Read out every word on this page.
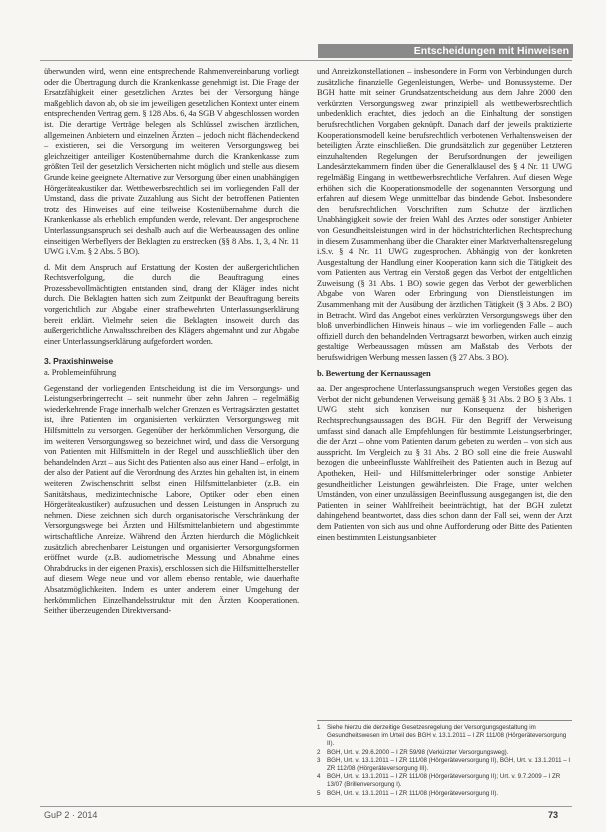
Entscheidungen mit Hinweisen

überwunden wird, wenn eine entsprechende Rahmenvereinbarung vorliegt oder die Übertragung durch die Krankenkasse genehmigt ist. Die Frage der Ersatzfähigkeit einer gesetzlichen Arztes bei der Versorgung hänge maßgeblich davon ab, ob sie im jeweiligen gesetzlichen Kontext unter einem entsprechenden Vertrag gem. § 128 Abs. 6, 4a SGB V abgeschlossen worden ist. Die derartige Verträge belegen als Schlüssel zwischen ärztlichen, allgemeinen Anbietern und einzelnen Ärzten – jedoch nicht flächendeckend – existieren, sei die Versorgung im weiteren Versorgungsweg bei gleichzeitiger anteiliger Kostenübernahme durch die Krankenkasse zum größten Teil der gesetzlich Versicherten nicht möglich und stelle aus diesem Grunde keine geeignete Alternative zur Versorgung über einen unabhängigen Hörgeräteakustiker dar. Wettbewerbsrechtlich sei im vorliegenden Fall der Umstand, dass die private Zuzahlung aus Sicht der betroffenen Patienten trotz des Hinweises auf eine teilweise Kostenübernahme durch die Krankenkasse als erheblich empfunden werde, relevant. Der angesprochene Unterlassungsanspruch sei deshalb auch auf die Werbeaussagen des online einseitigen Werbeflyers der Beklagten zu erstrecken (§§ 8 Abs. 1, 3, 4 Nr. 11 UWG i.V.m. § 2 Abs. 5 BO).

d. Mit dem Anspruch auf Erstattung der Kosten der außergerichtlichen Rechtsverfolgung, die durch die Beauftragung eines Prozessbevollmächtigten entstanden sind, drang der Kläger indes nicht durch. Die Beklagten hatten sich zum Zeitpunkt der Beauftragung bereits vorgerichtlich zur Abgabe einer strafbewehrten Unterlassungserklärung bereit erklärt. Vielmehr seien die Beklagten insoweit durch das außergerichtliche Anwaltsschreiben des Klägers abgemahnt und zur Abgabe einer Unterlassungserklärung aufgefordert worden.

3. Praxishinweise

a. Problemeinführung

Gegenstand der vorliegenden Entscheidung ist die im Versorgungs- und Leistungserbringerrecht – seit nunmehr über zehn Jahren – regelmäßig wiederkehrende Frage innerhalb welcher Grenzen es Vertragsärzten gestattet ist, ihre Patienten im organisierten verkürzten Versorgungsweg mit Hilfsmitteln zu versorgen. Gegenüber der herkömmlichen Versorgung, die im weiteren Versorgungsweg so bezeichnet wird, und dass die Versorgung von Patienten mit Hilfsmitteln in der Regel und ausschließlich über den behandelnden Arzt – aus Sicht des Patienten also aus einer Hand – erfolgt, in der also der Patient auf die Verordnung des Arztes hin gehalten ist, in einem weiteren Zwischenschritt selbst einen Hilfsmittelanbieter (z.B. ein Sanitätshaus, medizintechnische Labore, Optiker oder eben einen Hörgeräteakustiker) aufzusuchen und dessen Leistungen in Anspruch zu nehmen. Diese zeichnen sich durch organisatorische Verschränkung der Versorgungswege bei Ärzten und Hilfsmittelanbietern und abgestimmte wirtschaftliche Anreize. Während den Ärzten hierdurch die Möglichkeit zusätzlich abrechenbarer Leistungen und organisierter Versorgungsformen eröffnet wurde (z.B. audiometrische Messung und Abnahme eines Ohrabdrucks in der eigenen Praxis), erschlossen sich die Hilfsmittelhersteller auf diesem Wege neue und vor allem ebenso rentable, wie dauerhafte Absatzmöglichkeiten. Indem es unter anderem einer Umgehung der herkömmlichen Einzelhandelsstruktur mit den Ärzten Kooperationen. Seither überzeugenden Direktversand-

und Anreizkonstellationen – insbesondere in Form von Verbindungen durch zusätzliche finanzielle Gegenleistungen, Werbe- und Bonussysteme. Der BGH hatte mit seiner Grundsatzentscheidung aus dem Jahre 2000 den verkürzten Versorgungsweg zwar prinzipiell als wettbewerbsrechtlich unbedenklich erachtet, dies jedoch an die Einhaltung der sonstigen berufsrechtlichen Vorgaben geknüpft. Danach darf der jeweils praktizierte Kooperationsmodell keine berufsrechtlich verbotenen Verhaltensweisen der beteiligten Ärzte einschließen. Die grundsätzlich zur gegenüber Letzteren einzuhaltenden Regelungen der Berufsordnungen der jeweiligen Landesärztekammern finden über die Generalklausel des § 4 Nr. 11 UWG regelmäßig Eingang in wettbewerbsrechtliche Verfahren. Auf diesen Wege erhöhen sich die Kooperationsmodelle der sogenannten Versorgung und erfahren auf diesem Wege unmittelbar das bindende Gebot. Insbesondere den berufsrechtlichen Vorschriften zum Schutze der ärztlichen Unabhängigkeit sowie der freien Wahl des Arztes oder sonstiger Anbieter von Gesundheitsleistungen wird in der höchstrichterlichen Rechtsprechung in diesem Zusammenhang über die Charakter einer Marktverhaltensregelung i.S.v. § 4 Nr. 11 UWG zugesprochen. Abhängig von der konkreten Ausgestaltung der Handlung einer Kooperation kann sich die Tätigkeit des vom Patienten aus Vertrag ein Verstoß gegen das Verbot der entgeltlichen Zuweisung (§ 31 Abs. 1 BO) sowie gegen das Verbot der gewerblichen Abgabe von Waren oder Erbringung von Dienstleistungen im Zusammenhang mit der Ausübung der ärztlichen Tätigkeit (§ 3 Abs. 2 BO) in Betracht. Wird das Angebot eines verkürzten Versorgungswegs über den bloß unverbindlichen Hinweis hinaus – wie im vorliegenden Falle – auch offiziell durch den behandelnden Vertragsarzt beworben, wirken auch einzig gestaltige Werbeaussagen müssen am Maßstab des Verbots der berufswidrigen Werbung messen lassen (§ 27 Abs. 3 BO).

b. Bewertung der Kernaussagen

aa. Der angesprochene Unterlassungsanspruch wegen Verstoßes gegen das Verbot der nicht gebundenen Verweisung gemäß § 31 Abs. 2 BO § 3 Abs. 1 UWG steht sich konzisen nur Konsequenz der bisherigen Rechtsprechungsaussagen des BGH. Für den Begriff der Verweisung umfasst sind danach alle Empfehlungen für bestimmte Leistungserbringer, die der Arzt – ohne vom Patienten darum gebeten zu werden – von sich aus ausspricht. Im Vergleich zu § 31 Abs. 2 BO soll eine die freie Auswahl bezogen die unbeeinflusste Wahlfreiheit des Patienten auch in Bezug auf Apotheken, Heil- und Hilfsmittelerbringer oder sonstige Anbieter gesundheitlicher Leistungen gewährleisten. Die Frage, unter welchen Umständen, von einer unzulässigen Beeinflussung ausgegangen ist, die den Patienten in seiner Wahlfreiheit beeinträchtigt, hat der BGH zuletzt dahingehend beantwortet, dass dies schon dann der Fall sei, wenn der Arzt dem Patienten von sich aus und ohne Aufforderung oder Bitte des Patienten einen bestimmten Leistungsanbieter

1	Siehe hierzu die derzeitige Gesetzesregelung der Versorgungsgestaltung im Gesundheitswesen im Urteil des BGH v. 13.1.2011 – I ZR 111/08 (Hörgeräteversorgung II).
2	BGH, Urt. v. 29.6.2000 – I ZR 59/98 (Verkürzter Versorgungsweg).
3	BGH, Urt. v. 13.1.2011 – I ZR 111/08 (Hörgeräteversorgung II), BGH, Urt. v. 13.1.2011 – I ZR 112/08 (Hörgeräteversorgung III).
4	BGH, Urt. v. 13.1.2011 – I ZR 111/08 (Hörgeräteversorgung II); Urt. v. 9.7.2009 – I ZR 13/07 (Brillenversorgung I).
5	BGH, Urt. v. 13.1.2011 – I ZR 111/08 (Hörgeräteversorgung II).
GuP 2 · 2014	73
